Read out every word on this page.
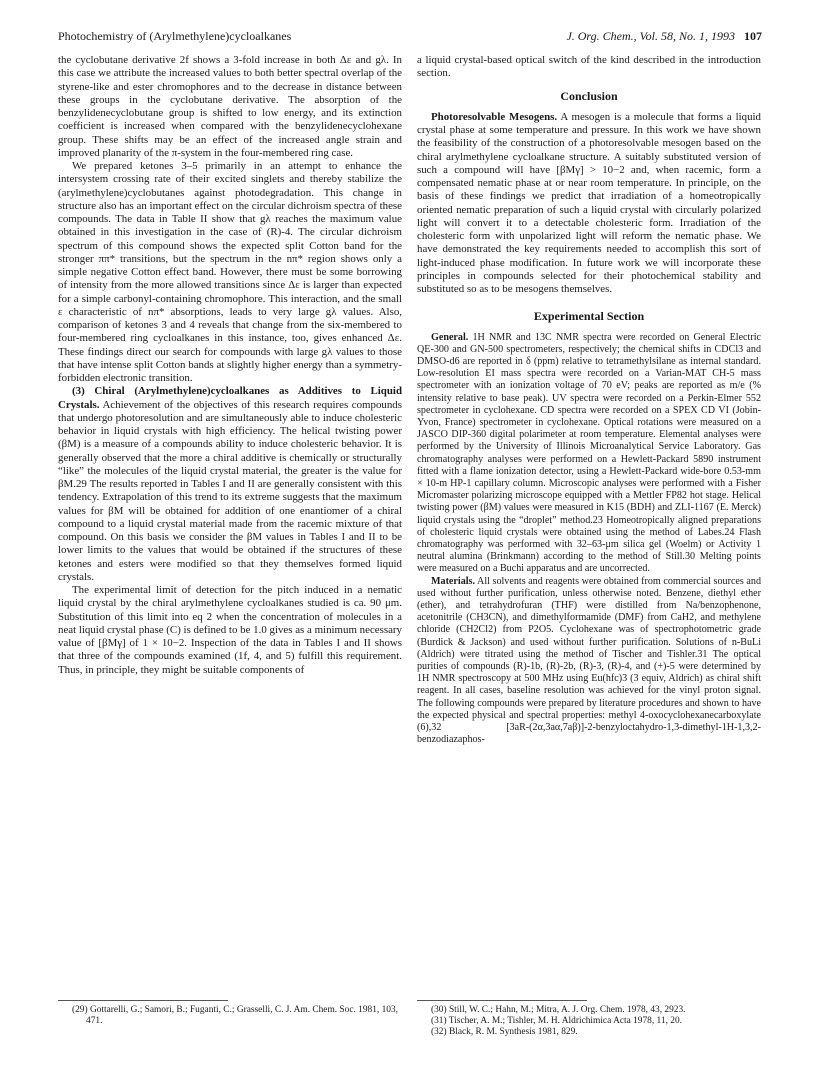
Photochemistry of (Arylmethylene)cycloalkanes	J. Org. Chem., Vol. 58, No. 1, 1993 107

the cyclobutane derivative 2f shows a 3-fold increase in both Δε and gλ. In this case we attribute the increased values to both better spectral overlap of the styrene-like and ester chromophores and to the decrease in distance between these groups in the cyclobutane derivative. The absorption of the benzylidenecyclobutane group is shifted to low energy, and its extinction coefficient is increased when compared with the benzylidenecyclohexane group. These shifts may be an effect of the increased angle strain and improved planarity of the π-system in the four-membered ring case.

We prepared ketones 3–5 primarily in an attempt to enhance the intersystem crossing rate of their excited singlets and thereby stabilize the (arylmethylene)cyclobutanes against photodegradation. This change in structure also has an important effect on the circular dichroism spectra of these compounds. The data in Table II show that gλ reaches the maximum value obtained in this investigation in the case of (R)-4. The circular dichroism spectrum of this compound shows the expected split Cotton band for the stronger ππ* transitions, but the spectrum in the nπ* region shows only a simple negative Cotton effect band. However, there must be some borrowing of intensity from the more allowed transitions since Δε is larger than expected for a simple carbonyl-containing chromophore. This interaction, and the small ε characteristic of nπ* absorptions, leads to very large gλ values. Also, comparison of ketones 3 and 4 reveals that change from the six-membered to four-membered ring cycloalkanes in this instance, too, gives enhanced Δε. These findings direct our search for compounds with large gλ values to those that have intense split Cotton bands at slightly higher energy than a symmetry-forbidden electronic transition.

(3) Chiral (Arylmethylene)cycloalkanes as Additives to Liquid Crystals. Achievement of the objectives of this research requires compounds that undergo photoresolution and are simultaneously able to induce cholesteric behavior in liquid crystals with high efficiency. The helical twisting power (βM) is a measure of a compounds ability to induce cholesteric behavior. It is generally observed that the more a chiral additive is chemically or structurally “like” the molecules of the liquid crystal material, the greater is the value for βM.29 The results reported in Tables I and II are generally consistent with this tendency. Extrapolation of this trend to its extreme suggests that the maximum values for βM will be obtained for addition of one enantiomer of a chiral compound to a liquid crystal material made from the racemic mixture of that compound. On this basis we consider the βM values in Tables I and II to be lower limits to the values that would be obtained if the structures of these ketones and esters were modified so that they themselves formed liquid crystals.

The experimental limit of detection for the pitch induced in a nematic liquid crystal by the chiral arylmethylene cycloalkanes studied is ca. 90 μm. Substitution of this limit into eq 2 when the concentration of molecules in a neat liquid crystal phase (C) is defined to be 1.0 gives as a minimum necessary value of [βMγ] of 1 × 10−2. Inspection of the data in Tables I and II shows that three of the compounds examined (1f, 4, and 5) fulfill this requirement. Thus, in principle, they might be suitable components of

(29) Gottarelli, G.; Samori, B.; Fuganti, C.; Grasselli, C. J. Am. Chem. Soc. 1981, 103, 471.

a liquid crystal-based optical switch of the kind described in the introduction section.

Conclusion

Photoresolvable Mesogens. A mesogen is a molecule that forms a liquid crystal phase at some temperature and pressure. In this work we have shown the feasibility of the construction of a photoresolvable mesogen based on the chiral arylmethylene cycloalkane structure. A suitably substituted version of such a compound will have [βMγ] > 10−2 and, when racemic, form a compensated nematic phase at or near room temperature. In principle, on the basis of these findings we predict that irradiation of a homeotropically oriented nematic preparation of such a liquid crystal with circularly polarized light will convert it to a detectable cholesteric form. Irradiation of the cholesteric form with unpolarized light will reform the nematic phase. We have demonstrated the key requirements needed to accomplish this sort of light-induced phase modification. In future work we will incorporate these principles in compounds selected for their photochemical stability and substituted so as to be mesogens themselves.

Experimental Section

General. 1H NMR and 13C NMR spectra were recorded on General Electric QE-300 and GN-500 spectrometers, respectively; the chemical shifts in CDCl3 and DMSO-d6 are reported in δ (ppm) relative to tetramethylsilane as internal standard. Low-resolution EI mass spectra were recorded on a Varian-MAT CH-5 mass spectrometer with an ionization voltage of 70 eV; peaks are reported as m/e (% intensity relative to base peak). UV spectra were recorded on a Perkin-Elmer 552 spectrometer in cyclohexane. CD spectra were recorded on a SPEX CD VI (Jobin-Yvon, France) spectrometer in cyclohexane. Optical rotations were measured on a JASCO DIP-360 digital polarimeter at room temperature. Elemental analyses were performed by the University of Illinois Microanalytical Service Laboratory. Gas chromatography analyses were performed on a Hewlett-Packard 5890 instrument fitted with a flame ionization detector, using a Hewlett-Packard wide-bore 0.53-mm × 10-m HP-1 capillary column. Microscopic analyses were performed with a Fisher Micromaster polarizing microscope equipped with a Mettler FP82 hot stage. Helical twisting power (βM) values were measured in K15 (BDH) and ZLI-1167 (E. Merck) liquid crystals using the “droplet” method.23 Homeotropically aligned preparations of cholesteric liquid crystals were obtained using the method of Labes.24 Flash chromatography was performed with 32–63-μm silica gel (Woelm) or Activity 1 neutral alumina (Brinkmann) according to the method of Still.30 Melting points were measured on a Buchi apparatus and are uncorrected.

Materials. All solvents and reagents were obtained from commercial sources and used without further purification, unless otherwise noted. Benzene, diethyl ether (ether), and tetrahydrofuran (THF) were distilled from Na/benzophenone, acetonitrile (CH3CN), and dimethylformamide (DMF) from CaH2, and methylene chloride (CH2Cl2) from P2O5. Cyclohexane was of spectrophotometric grade (Burdick & Jackson) and used without further purification. Solutions of n-BuLi (Aldrich) were titrated using the method of Tischer and Tishler.31 The optical purities of compounds (R)-1b, (R)-2b, (R)-3, (R)-4, and (+)-5 were determined by 1H NMR spectroscopy at 500 MHz using Eu(hfc)3 (3 equiv, Aldrich) as chiral shift reagent. In all cases, baseline resolution was achieved for the vinyl proton signal. The following compounds were prepared by literature procedures and shown to have the expected physical and spectral properties: methyl 4-oxocyclohexanecarboxylate (6),32 [3aR-(2α,3aα,7aβ)]-2-benzyloctahydro-1,3-dimethyl-1H-1,3,2-benzodiazaphos-

(30) Still, W. C.; Hahn, M.; Mitra, A. J. Org. Chem. 1978, 43, 2923.

(31) Tischer, A. M.; Tishler, M. H. Aldrichimica Acta 1978, 11, 20.

(32) Black, R. M. Synthesis 1981, 829.
